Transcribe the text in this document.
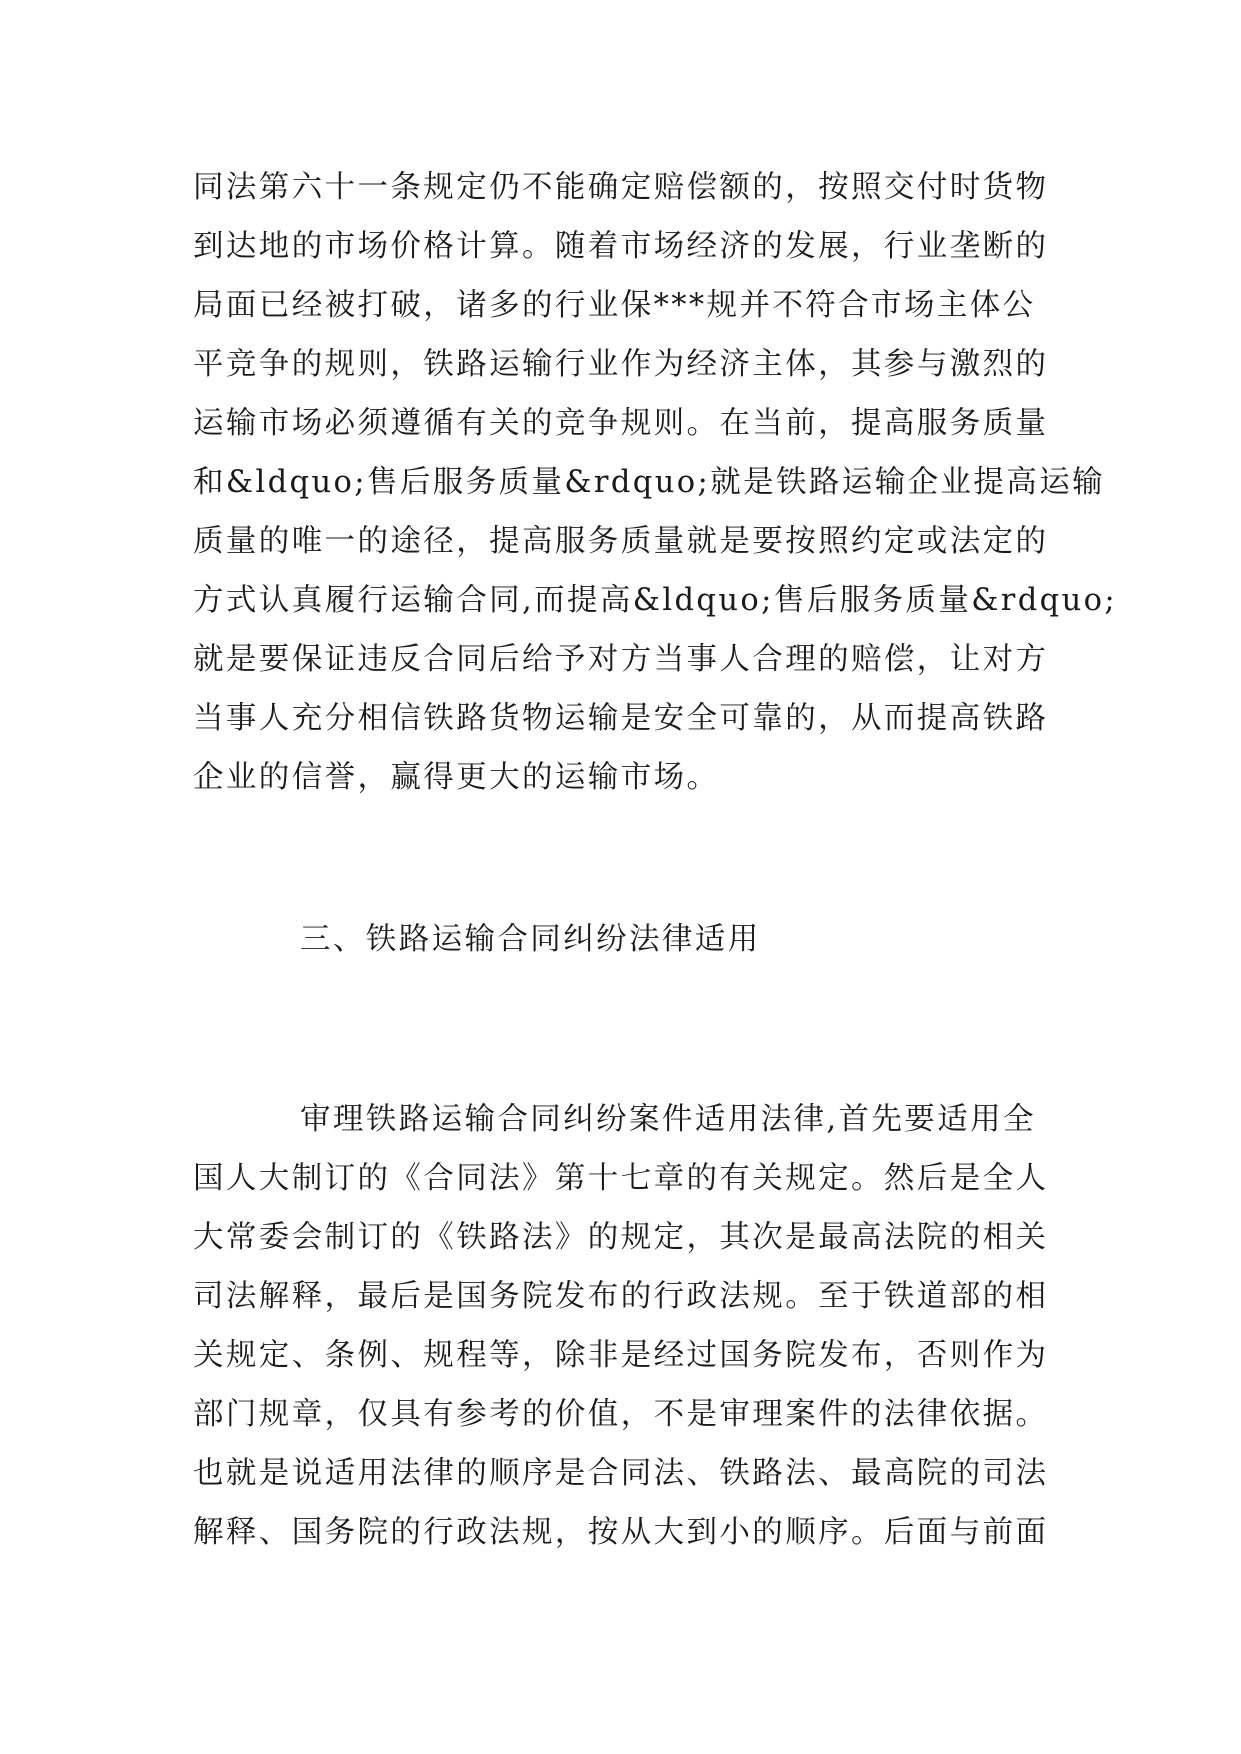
同法第六十一条规定仍不能确定赔偿额的，按照交付时货物
到达地的市场价格计算。随着市场经济的发展，行业垄断的
局面已经被打破，诸多的行业保***规并不符合市场主体公
平竞争的规则，铁路运输行业作为经济主体，其参与激烈的
运输市场必须遵循有关的竞争规则。在当前，提高服务质量
和&ldquo;售后服务质量&rdquo;就是铁路运输企业提高运输
质量的唯一的途径，提高服务质量就是要按照约定或法定的
方式认真履行运输合同,而提高&ldquo;售后服务质量&rdquo;
就是要保证违反合同后给予对方当事人合理的赔偿，让对方
当事人充分相信铁路货物运输是安全可靠的，从而提高铁路
企业的信誉，赢得更大的运输市场。
三、铁路运输合同纠纷法律适用
审理铁路运输合同纠纷案件适用法律,首先要适用全
国人大制订的《合同法》第十七章的有关规定。然后是全人
大常委会制订的《铁路法》的规定，其次是最高法院的相关
司法解释，最后是国务院发布的行政法规。至于铁道部的相
关规定、条例、规程等，除非是经过国务院发布，否则作为
部门规章，仅具有参考的价值，不是审理案件的法律依据。
也就是说适用法律的顺序是合同法、铁路法、最高院的司法
解释、国务院的行政法规，按从大到小的顺序。后面与前面
